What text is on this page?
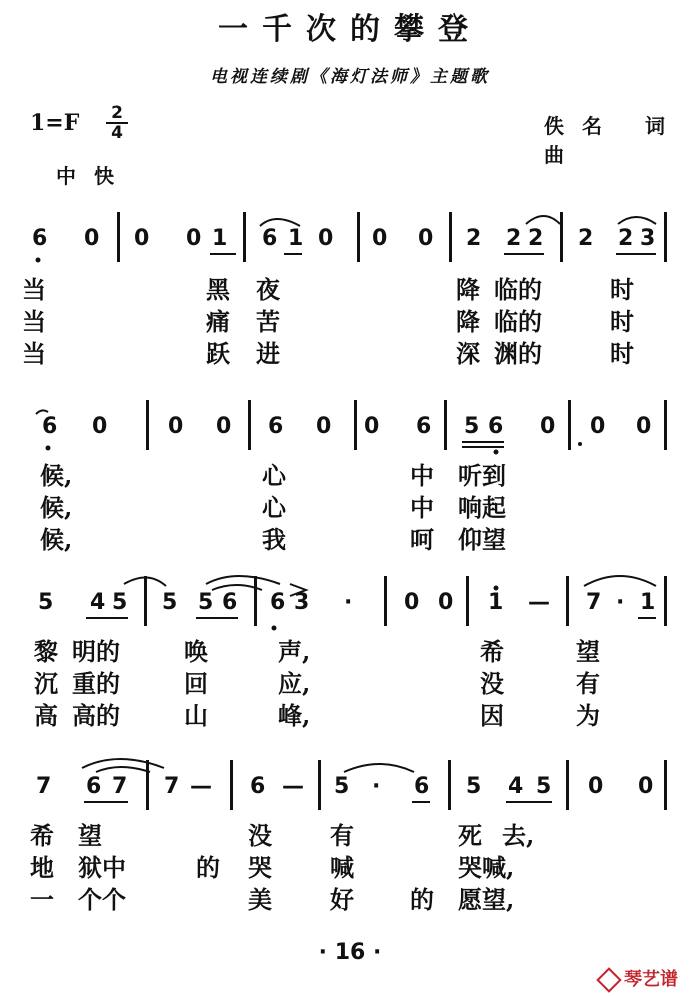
一千次的攀登
电视连续剧《海灯法师》主题歌
$1=F \frac{2}{4}$	佚名 词曲
中快
6 0 0 0 1 6 1 0 0 0 2 2 2 2 2 3
当	黑 夜	降 临的	时
当	痛 苦	降 临的	时
当	跃 进	深 渊的	时
6 0	0 0 6 0 0 6 5 6 0 0 0
候,	心	中 听到
候,	心	中 响起
候,	我	呵 仰望
5 4 5 5 5 6 6 3 · 0 0 1 — 7 · 1
黎 明的	唤	声,	希	望
沉 重的	回	应,	没	有
高 高的	山	峰,	因	为
7 6 7 7 — 6 — 5 · 6 5 4 5 0 0
希 望	没 有	死 去,
地 狱中	的 哭 喊	哭喊,
一 个个	美 好 的 愿望,
· 16 ·
琴艺谱
